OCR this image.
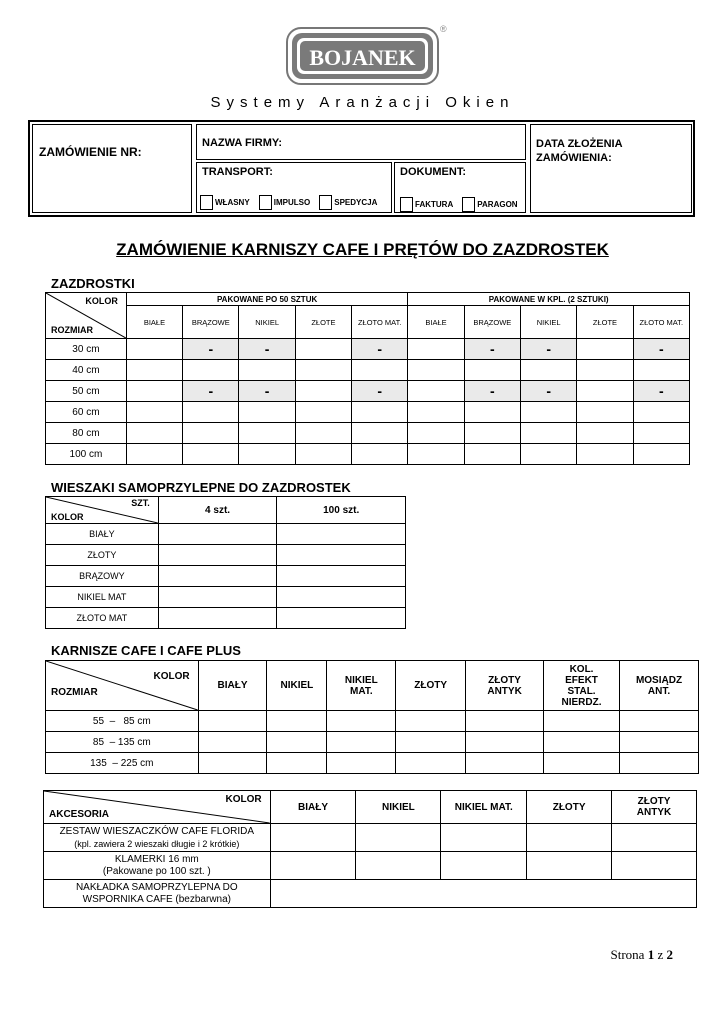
BOJANEK
®
Systemy Aranżacji Okien
ZAMÓWIENIE NR:
NAZWA FIRMY:	DATA ZŁOŻENIA ZAMÓWIENIA:
TRANSPORT:
WŁASNY	IMPULSO	SPEDYCJA
DOKUMENT:
FAKTURA	PARAGON
ZAMÓWIENIE KARNISZY CAFE I PRĘTÓW DO ZAZDROSTEK
ZAZDROSTKI
KOLOR
ROZMIAR	PAKOWANE PO 50 SZTUK					PAKOWANE W KPL. (2 SZTUKI)				
	BIAŁE	BRĄZOWE	NIKIEL	ZŁOTE	ZŁOTO MAT.	BIAŁE	BRĄZOWE	NIKIEL	ZŁOTE	ZŁOTO MAT.
30 cm		-	-		-		-	-		-
40 cm										
50 cm		-	-		-		-	-		-
60 cm										
80 cm										
100 cm										
WIESZAKI SAMOPRZYLEPNE DO ZAZDROSTEK
SZT.
KOLOR	4 szt.	100 szt.
BIAŁY		
ZŁOTY		
BRĄZOWY		
NIKIEL MAT		
ZŁOTO MAT		
KARNISZE CAFE I CAFE PLUS
KOLOR
ROZMIAR	BIAŁY	NIKIEL	NIKIEL MAT.	ZŁOTY	ZŁOTY ANTYK	KOL. EFEKT STAL. NIERDZ.	MOSIĄDZ ANT.
55  –   85 cm							
85  – 135 cm							
135  – 225 cm							
KOLOR
AKCESORIA	BIAŁY	NIKIEL	NIKIEL MAT.	ZŁOTY	ZŁOTY ANTYK

ZESTAW WIESZACZKÓW CAFE FLORIDA
(kpl. zawiera 2 wieszaki długie i 2 krótkie)					

KLAMERKI 16 mm
(Pakowane po 100 szt. )					

NAKŁADKA SAMOPRZYLEPNA DO
WSPORNIKA CAFE (bezbarwna)					

Strona 1 z 2
